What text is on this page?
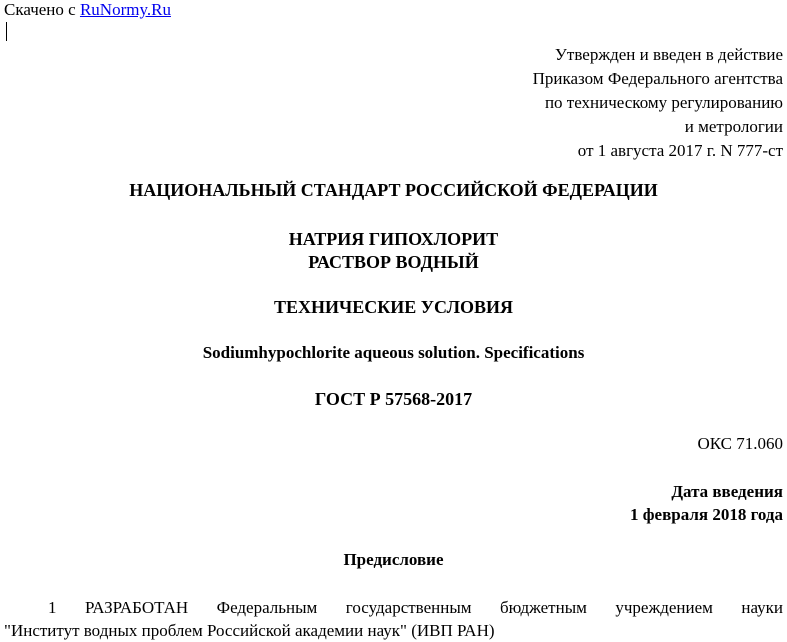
Скачено с RuNormy.Ru
Утвержден и введен в действие
Приказом Федерального агентства
по техническому регулированию
и метрологии
от 1 августа 2017 г. N 777-ст
НАЦИОНАЛЬНЫЙ СТАНДАРТ РОССИЙСКОЙ ФЕДЕРАЦИИ
НАТРИЯ ГИПОХЛОРИТ
РАСТВОР ВОДНЫЙ
ТЕХНИЧЕСКИЕ УСЛОВИЯ
Sodiumhypochlorite aqueous solution. Specifications
ГОСТ Р 57568-2017
ОКС 71.060
Дата введения
1 февраля 2018 года
Предисловие
1 РАЗРАБОТАН Федеральным государственным бюджетным учреждением науки
"Институт водных проблем Российской академии наук" (ИВП РАН)
